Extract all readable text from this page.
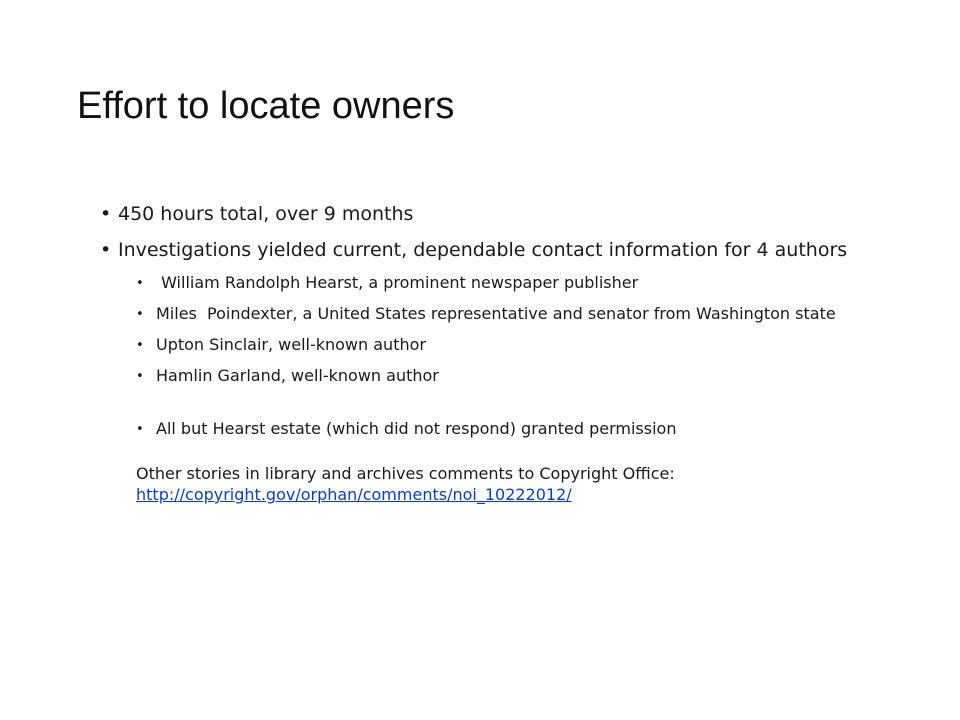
Effort to locate owners
• 450 hours total, over 9 months
• Investigations yielded current, dependable contact information for 4 authors
• William Randolph Hearst, a prominent newspaper publisher
• Miles  Poindexter, a United States representative and senator from Washington state
• Upton Sinclair, well-known author
• Hamlin Garland, well-known author
• All but Hearst estate (which did not respond) granted permission
Other stories in library and archives comments to Copyright Office:
http://copyright.gov/orphan/comments/noi_10222012/
